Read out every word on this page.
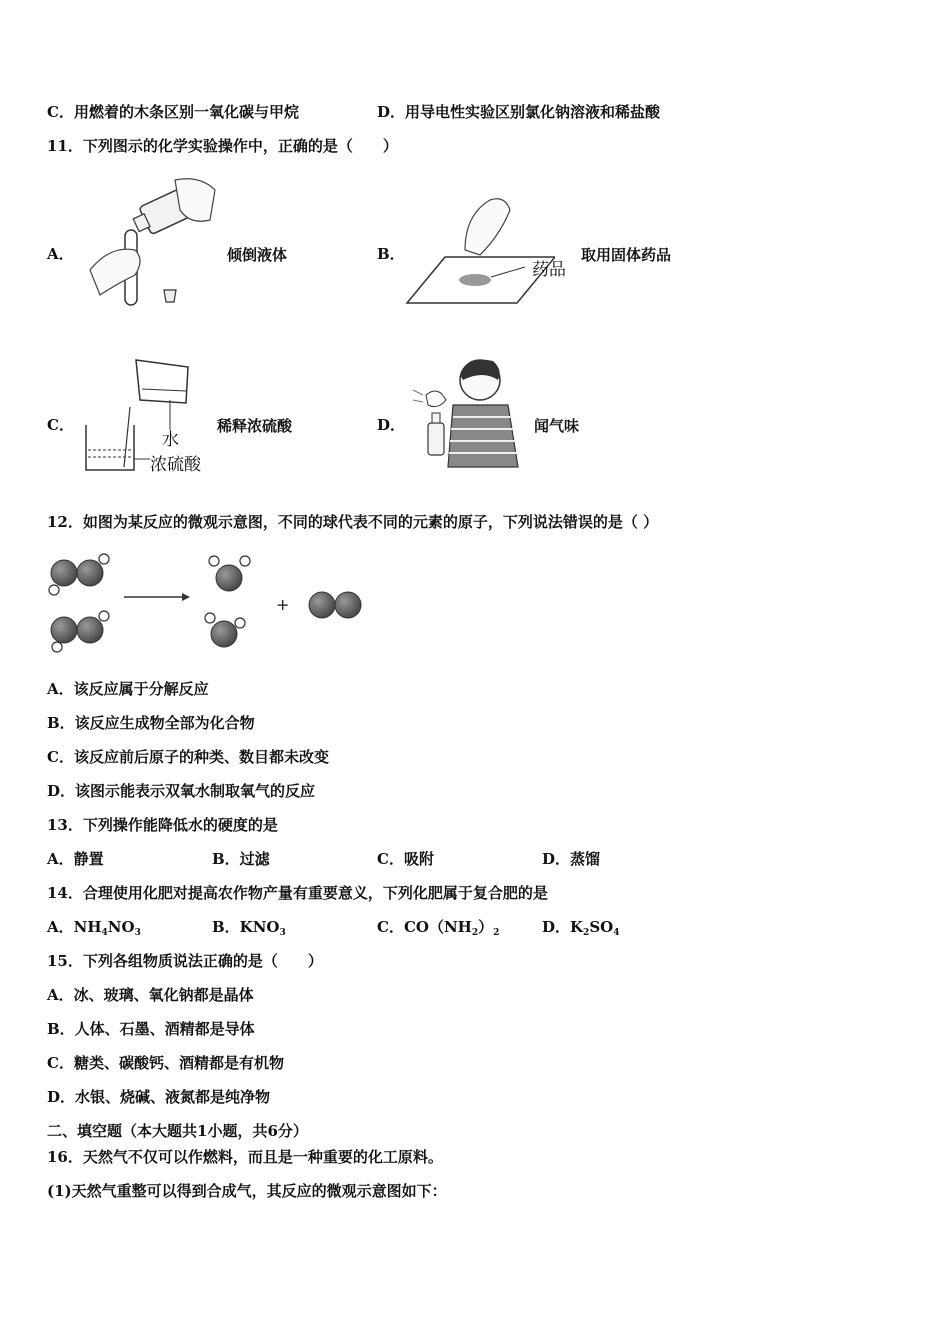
C．用燃着的木条区别一氧化碳与甲烷	D．用导电性实验区别氯化钠溶液和稀盐酸
11．下列图示的化学实验操作中，正确的是（　　）
A．	倾倒液体	B．
药品
取用固体药品
C．
水
浓硫酸
稀释浓硫酸	D．	闻气味
12．如图为某反应的微观示意图，不同的球代表不同的元素的原子，下列说法错误的是（ ）
+
A．该反应属于分解反应
B．该反应生成物全部为化合物
C．该反应前后原子的种类、数目都未改变
D．该图示能表示双氧水制取氧气的反应
13．下列操作能降低水的硬度的是
A．静置	B．过滤	C．吸附	D．蒸馏
14．合理使用化肥对提高农作物产量有重要意义，下列化肥属于复合肥的是
A．$NH_4NO_3$	B．$KNO_3$	C．$CO(NH_2)_2$	D．$K_2SO_4$
15．下列各组物质说法正确的是（　　）
A．冰、玻璃、氧化钠都是晶体
B．人体、石墨、酒精都是导体
C．糖类、碳酸钙、酒精都是有机物
D．水银、烧碱、液氮都是纯净物
二、填空题（本大题共1小题，共6分）
16．天然气不仅可以作燃料，而且是一种重要的化工原料。
(1)天然气重整可以得到合成气，其反应的微观示意图如下：
